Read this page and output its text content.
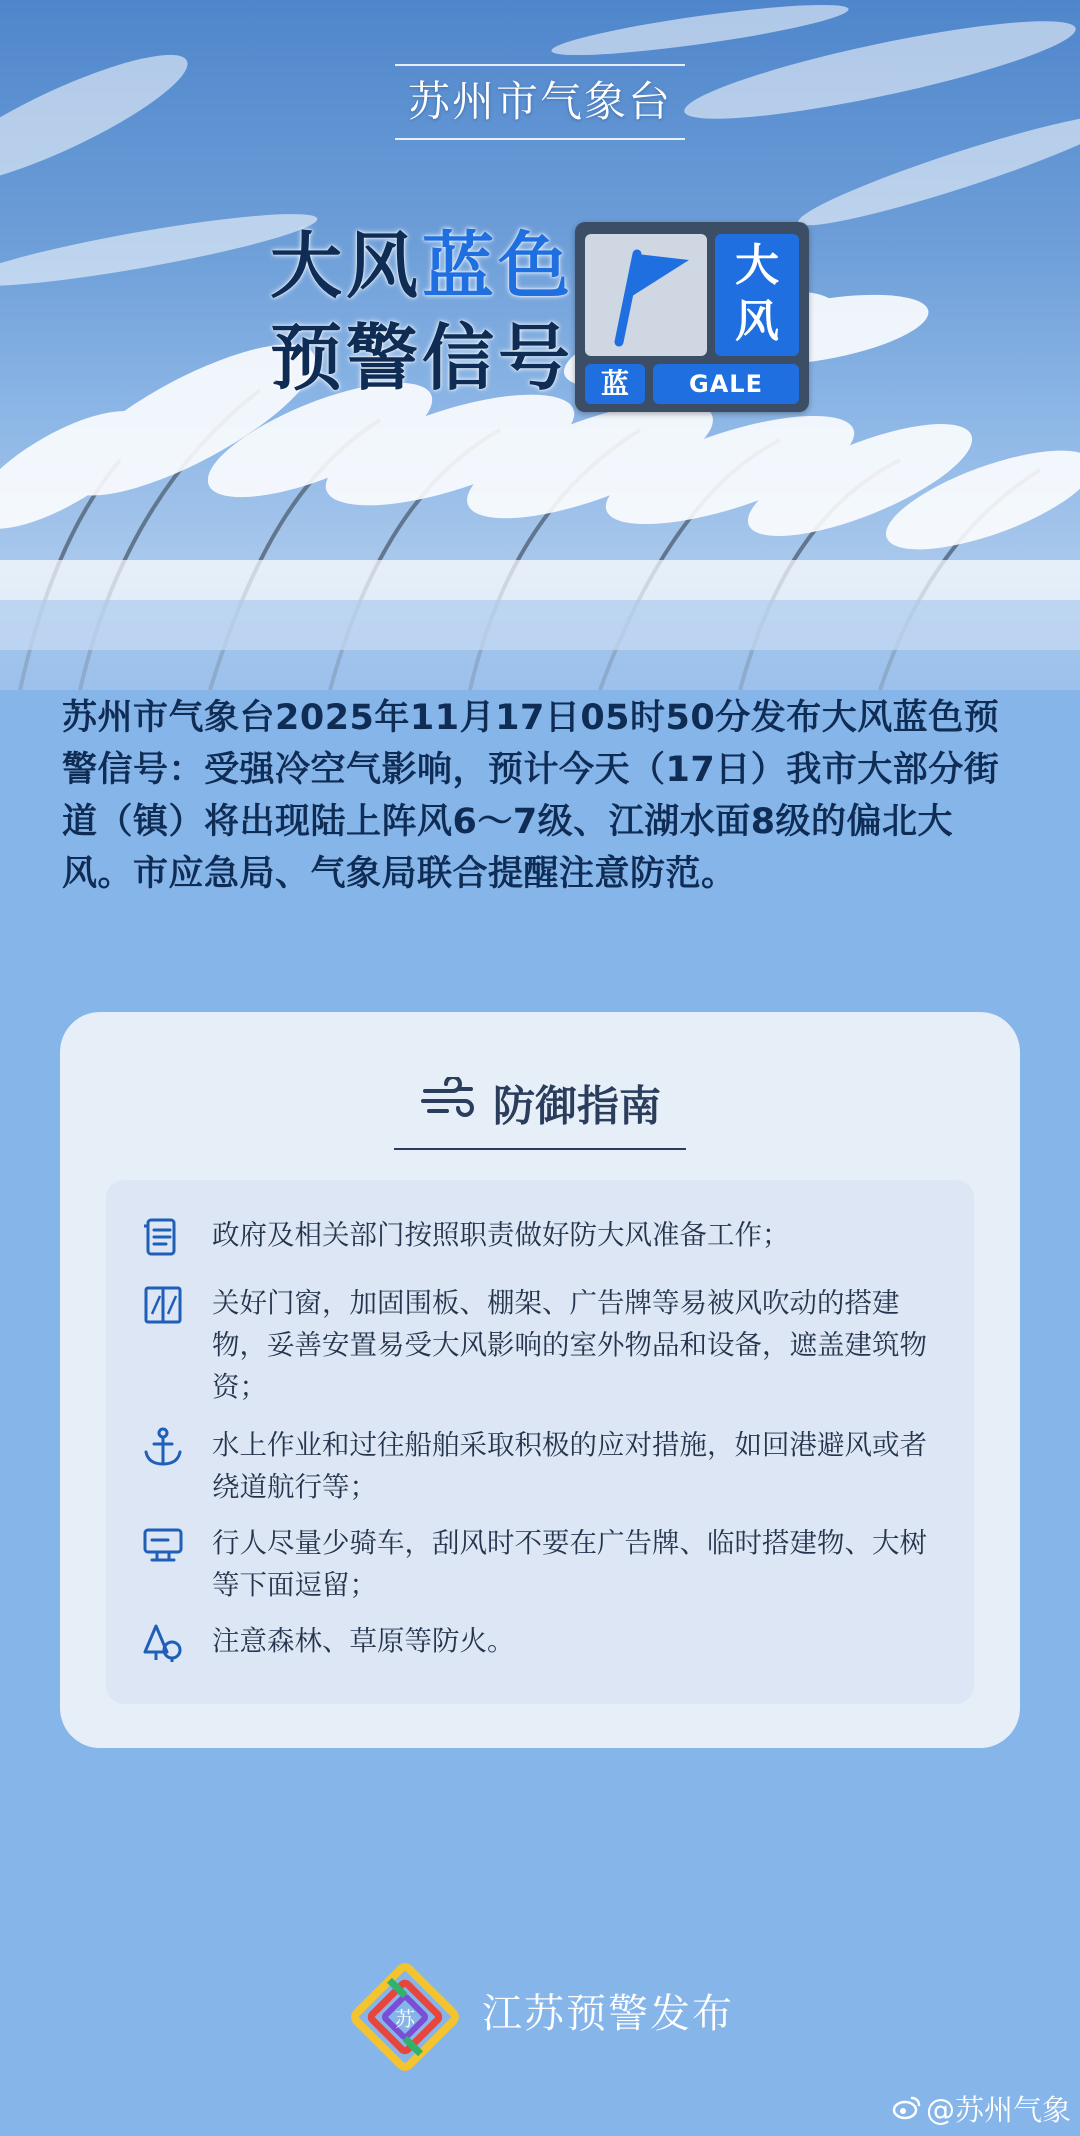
苏州市气象台
大风蓝色
预警信号
大
风
蓝	GALE
苏州市气象台2025年11月17日05时50分发布大风蓝色预警信号：受强冷空气影响，预计今天（17日）我市大部分街道（镇）将出现陆上阵风6～7级、江湖水面8级的偏北大风。市应急局、气象局联合提醒注意防范。
防御指南
政府及相关部门按照职责做好防大风准备工作；
关好门窗，加固围板、棚架、广告牌等易被风吹动的搭建物，妥善安置易受大风影响的室外物品和设备，遮盖建筑物资；
水上作业和过往船舶采取积极的应对措施，如回港避风或者绕道航行等；
行人尽量少骑车，刮风时不要在广告牌、临时搭建物、大树等下面逗留；
注意森林、草原等防火。
苏 江苏预警发布
@苏州气象
